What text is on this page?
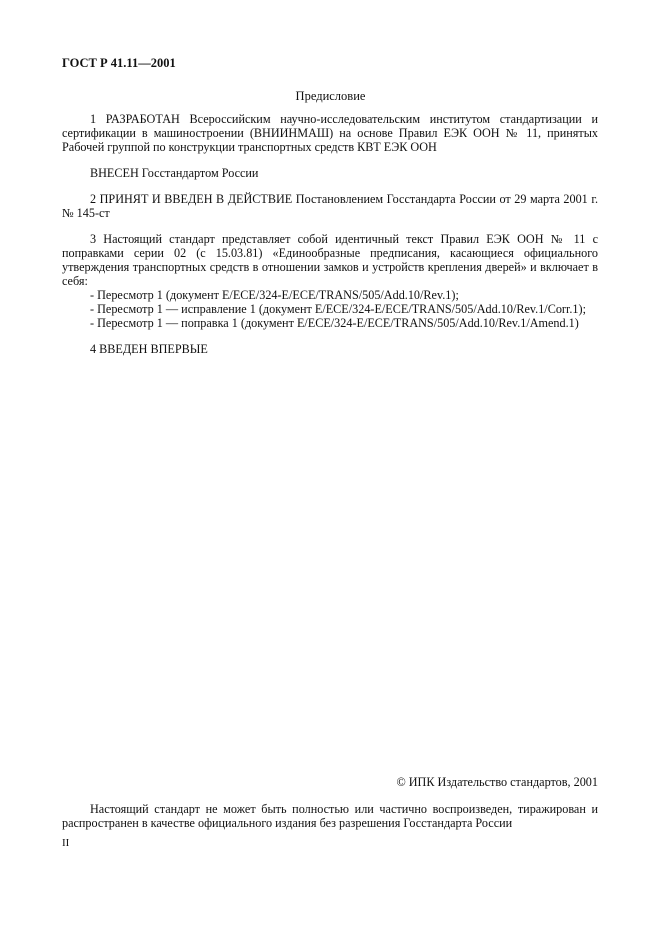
ГОСТ Р 41.11—2001
Предисловие

1 РАЗРАБОТАН Всероссийским научно-исследовательским институтом стандартизации и сертификации в машиностроении (ВНИИНМАШ) на основе Правил ЕЭК ООН № 11, принятых Рабочей группой по конструкции транспортных средств КВТ ЕЭК ООН

ВНЕСЕН Госстандартом России

2 ПРИНЯТ И ВВЕДЕН В ДЕЙСТВИЕ Постановлением Госстандарта России от 29 марта 2001 г. № 145-ст

3 Настоящий стандарт представляет собой идентичный текст Правил ЕЭК ООН № 11 с поправками серии 02 (с 15.03.81) «Единообразные предписания, касающиеся официального утверждения транспортных средств в отношении замков и устройств крепления дверей» и включает в себя:

- Пересмотр 1 (документ E/ECE/324-E/ECE/TRANS/505/Add.10/Rev.1);

- Пересмотр 1 — исправление 1 (документ E/ECE/324-E/ECE/TRANS/505/Add.10/Rev.1/Corr.1);

- Пересмотр 1 — поправка 1 (документ E/ECE/324-E/ECE/TRANS/505/Add.10/Rev.1/Amend.1)

4 ВВЕДЕН ВПЕРВЫЕ

© ИПК Издательство стандартов, 2001
Настоящий стандарт не может быть полностью или частично воспроизведен, тиражирован и распространен в качестве официального издания без разрешения Госстандарта России
II
